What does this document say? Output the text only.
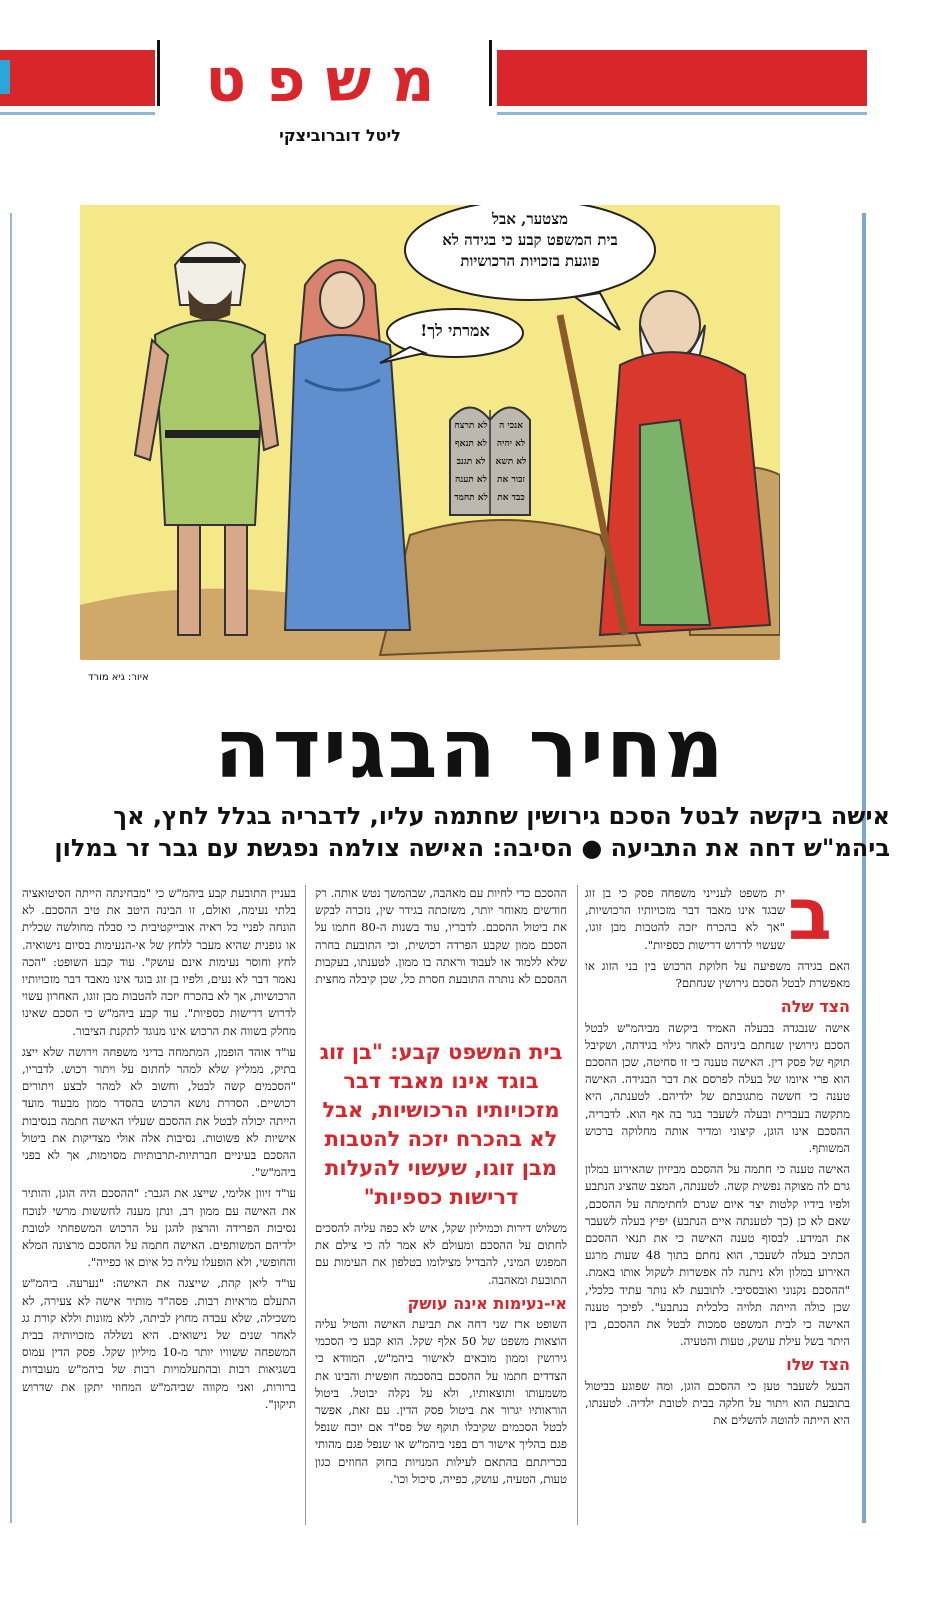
משפט
ליטל דוברוביצקי
מצטער, אבל
בית המשפט קבע כי בגידה לא
פוגעת בזכויות הרכושיות
אמרתי לך!
אנכי ה
לא יהיה
לא תשא
זכור את
כבד את
לא תרצח
לא תנאף
לא תגנב
לא תענה
לא תחמד
איור: גיא מורד
מחיר הבגידה
אישה ביקשה לבטל הסכם גירושין שחתמה עליו, לדבריה בגלל לחץ, אך
ביהמ"ש דחה את התביעה ● הסיבה: האישה צולמה נפגשת עם גבר זר במלון
ב

ית משפט לענייני משפחה פסק כי בן זוג שבגד אינו מאבד דבר מזכויותיו הרכושיות, "אך לא בהכרח יזכה להטבות מבן זוגו, שעשוי לדרוש דרישות כספיות".

האם בגידה משפיעה על חלוקת הרכוש בין בני הזוג או מאפשרת לבטל הסכם גירושין שנחתם?

הצד שלה

אישה שנבגדה בבעלה האמיד ביקשה מביהמ"ש לבטל הסכם גירושין שנחתם ביניהם לאחר גילוי בגידתה, ושקיבל תוקף של פסק דין. האישה טענה כי זו סחיטה, שכן ההסכם הוא פרי איומו של בעלה לפרסם את דבר הבגידה. האישה טענה כי חששה מתגובתם של ילדיהם. לטענתה, היא מתקשה בעברית ובעלה לשעבר בגר בה אף הוא. לדבריה, ההסכם אינו הוגן, קיצוני ומדיר אותה מחלוקה ברכוש המשותף.

האישה טענה כי חתמה על ההסכם מביזיון שהאירוע במלון גרם לה מצוקה נפשית קשה. לטענתה, המצב שהציג הנתבע ולפיו בידיו קלטות יצר איום שגרם לחתימתה על ההסכם, שאם לא כן (כך לטענתה איים הנתבע) יפיץ בעלה לשעבר את המידע. לבסוף טענה האישה כי את תנאי ההסכם הכתיב בעלה לשעבר, הוא נחתם בתוך 48 שעות מרגע האירוע במלון ולא ניתנה לה אפשרות לשקול אותו באמת. "ההסכם נקנוני ואובססיבי. לתובעת לא נותר עתיד כלכלי, שכן כולה הייתה תלויה כלכלית בנתבע". לפיכך טענה האישה כי לבית המשפט סמכות לבטל את ההסכם, בין היתר בשל עילת עושק, טעות והטעיה.

הצד שלו

הבעל לשעבר טען כי ההסכם הוגן, ומה שפוגע בביטול בתובעת הוא ויתור על חלקה בבית לטובת ילדיה. לטענתו, היא הייתה להוטה להשלים את

ההסכם כדי לחיות עם מאהבה, שבהמשך נטש אותה. רק חודשים מאוחר יותר, משזכתה בגידר שין, נזכרה לבקש את ביטול ההסכם. לדבריו, עוד בשנות ה-80 חתמו על הסכם ממון שקבע הפרדה רכושית, וכי התובעת בחרה שלא ללמוד או לעבוד וראתה בו ממון. לטענתו, בעקבות ההסכם לא נותרה התובעת חסרת כל, שכן קיבלה מחצית

בית המשפט קבע: "בן זוג בוגד אינו מאבד דבר מזכויותיו הרכושיות, אבל לא בהכרח יזכה להטבות מבן זוגו, שעשוי להעלות דרישות כספיות"

משלוש דירות וכמיליון שקל, איש לא כפה עליה להסכים לחתום על ההסכם ומעולם לא אמר לה כי צילם את המפגש המיני, להבדיל מצילומו בטלפון את העימות עם התובעת ומאהבה.

אי-נעימות אינה עושק

השופט ארז שני דחה את תביעת האישה והטיל עליה הוצאות משפט של 50 אלף שקל. הוא קבע כי הסכמי גירושין וממון מובאים לאישור ביהמ"ש, המוודא כי הצדדים חתמו על ההסכם בהסכמה חופשית והבינו את משמעותו ותוצאותיו, ולא על נקלה יבוטל. ביטול הוראותיו יגרור את ביטול פסק הדין. עם זאת, אפשר לבטל הסכמים שקיבלו תוקף של פס"ד אם יוכח שנפל פגם בהליך אישור רם בפני ביהמ"ש או שנפל פגם מהותי בכריתתם בהתאם לעילות המנויות בחוק החוזים כגון טעות, הטעיה, עושק, כפייה, סיכול וכו'.

בעניין התובעת קבע ביהמ"ש כי "מבחינתה הייתה הסיטואציה בלתי נעימה, ואולם, זו הבינה היטב את טיב ההסכם. לא הונחה לפניי כל ראיה אובייקטיבית כי סבלה מחולשה שכלית או גופנית שהיא מעבר ללחץ של אי-הנעימות בסיום נישואיה. לחץ וחוסר נעימות אינם עושק". עוד קבע השופט: "הכה נאמר דבר לא נעים, ולפיו בן זוג בוגד אינו מאבד דבר מזכויותיו הרכושיות, אך לא בהכרח יזכה להטבות מבן זוגו, האחרון עשוי לדרוש דרישות כספיות". עוד קבע ביהמ"ש כי הסכם שאינו מחלק בשווה את הרכוש אינו מנוגד לתקנת הציבור.

עו"ד אוהד הופמן, המתמחה בדיני משפחה וירושה שלא ייצג בתיק, ממליץ שלא למהר לחתום על ויתור רכוש. לדבריו, "הסכמים קשה לבטל, וחשוב לא למהר לבצע ויתורים רכושיים. הסדרת נושא הרכוש בהסדר ממון מבעוד מועד הייתה יכולה לבטל את ההסכם שעליו האישה חתמה בנסיבות אישיות לא פשוטות. נסיבות אלה אולי מצדיקות את ביטול ההסכם בעיניים חברתיות-תרבותיות מסוימות, אך לא בפני ביהמ"ש".

עו"ד זיוון אלימי, שייצג את הגבר: "ההסכם היה הוגן, והותיר את האישה עם ממון רב, ונתן מענה לחששות מרשי לנוכח נסיבות הפרידה והרצון להגן על הרכוש המשפחתי לטובת ילדיהם המשותפים. האישה חתמה על ההסכם מרצונה המלא והחופשי, ולא הופעלו עליה כל איום או כפייה".

עו"ד ליאן קהת, שייצגה את האישה: "נערעה. ביהמ"ש התעלם מראיות רבות. פסה"ד מותיר אישה לא צעירה, לא משכילה, שלא עבדה מחוץ לביתה, ללא מזונות וללא קורת גג לאחר שנים של נישואים. היא נשללה מזכויותיה בבית המשפחה ששוויו יותר מ-10 מיליון שקל. פסק הדין עמוס בשגיאות רבות ובהתעלמויות רבות של ביהמ"ש מעובדות ברורות, ואני מקווה שביהמ"ש המחוזי יתקן את שדרוש תיקון".
